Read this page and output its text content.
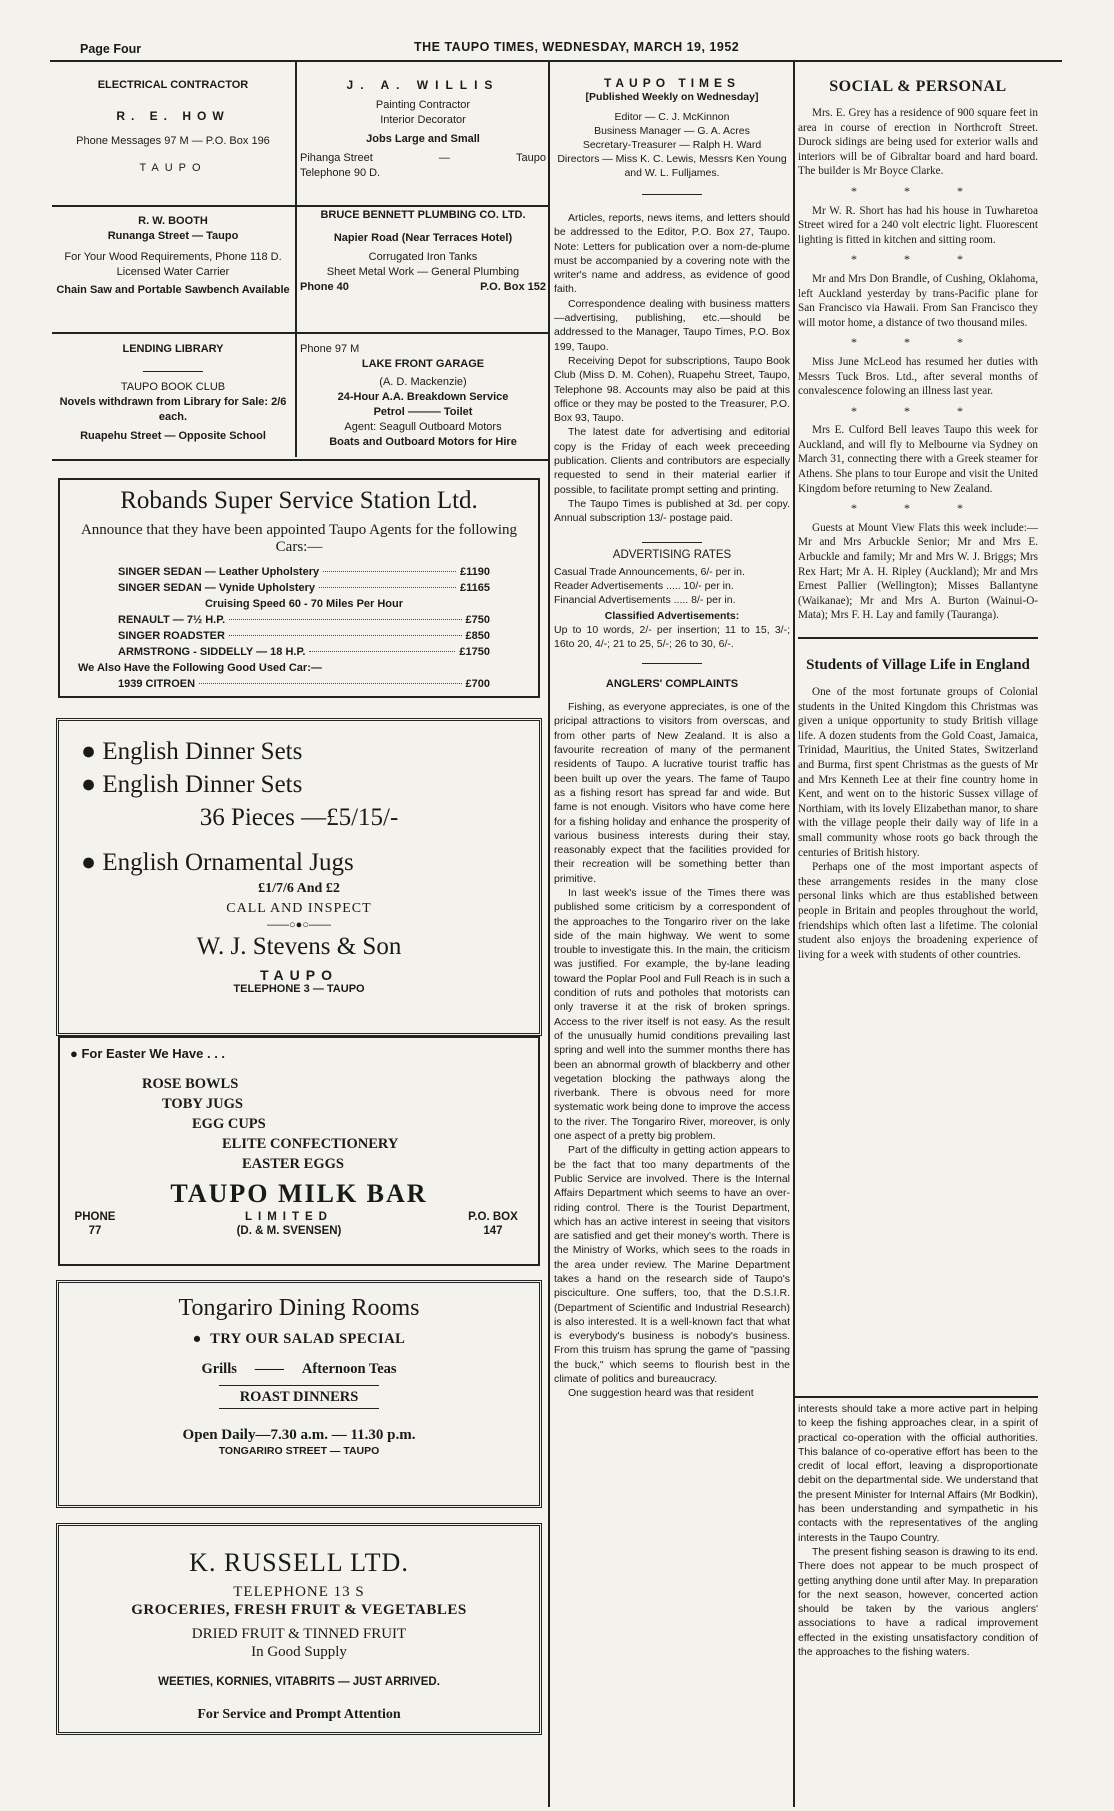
Page Four	THE TAUPO TIMES, WEDNESDAY, MARCH 19, 1952
ELECTRICAL CONTRACTOR
R. E. HOW
Phone Messages 97 M — P.O. Box 196
TAUPO
J. A. WILLIS
Painting Contractor
Interior Decorator
Jobs Large and Small
Pihanga Street	—	Taupo
Telephone 90 D.
R. W. BOOTH
Runanga Street — Taupo
For Your Wood Requirements, Phone 118 D. Licensed Water Carrier
Chain Saw and Portable Sawbench Available
BRUCE BENNETT PLUMBING CO. LTD.
Napier Road (Near Terraces Hotel)
Corrugated Iron Tanks
Sheet Metal Work — General Plumbing
Phone 40	P.O. Box 152
LENDING LIBRARY
TAUPO BOOK CLUB
Novels withdrawn from Library for Sale: 2/6 each.
Ruapehu Street — Opposite School
Phone 97 M
LAKE FRONT GARAGE
(A. D. Mackenzie)
24-Hour A.A. Breakdown Service
Petrol ——— Toilet
Agent: Seagull Outboard Motors
Boats and Outboard Motors for Hire
Robands Super Service Station Ltd.
Announce that they have been appointed Taupo Agents for the following Cars:—
SINGER SEDAN — Leather Upholstery	£1190
SINGER SEDAN — Vynide Upholstery	£1165
Cruising Speed 60 - 70 Miles Per Hour
RENAULT — 7½ H.P.	£750
SINGER ROADSTER	£850
ARMSTRONG - SIDDELLY — 18 H.P.	£1750
We Also Have the Following Good Used Car:—
1939 CITROEN	£700
● English Dinner Sets
● English Dinner Sets
36 Pieces —£5/15/-
● English Ornamental Jugs
£1/7/6 And £2
CALL AND INSPECT
——○●○——
W. J. Stevens & Son
TAUPO
TELEPHONE 3 — TAUPO
● For Easter We Have . . .
ROSE BOWLS
TOBY JUGS
EGG CUPS
ELITE CONFECTIONERY
EASTER EGGS
TAUPO MILK BAR
PHONE
77
LIMITED
(D. & M. SVENSEN)
P.O. BOX
147
Tongariro Dining Rooms
●   TRY OUR SALAD SPECIAL
Grills —— Afternoon Teas
ROAST DINNERS
Open Daily—7.30 a.m. — 11.30 p.m.
TONGARIRO STREET — TAUPO
K. RUSSELL LTD.
TELEPHONE 13 S
GROCERIES, FRESH FRUIT & VEGETABLES
DRIED FRUIT & TINNED FRUIT
In Good Supply
WEETIES, KORNIES, VITABRITS — JUST ARRIVED.
For Service and Prompt Attention
TAUPO TIMES
[Published Weekly on Wednesday]
Editor — C. J. McKinnon
Business Manager — G. A. Acres
Secretary-Treasurer — Ralph H. Ward
Directors — Miss K. C. Lewis, Messrs Ken Young and W. L. Fulljames.

Articles, reports, news items, and letters should be addressed to the Editor, P.O. Box 27, Taupo. Note: Letters for publication over a nom-de-plume must be accompanied by a covering note with the writer's name and address, as evidence of good faith.

Correspondence dealing with business matters—advertising, publishing, etc.—should be addressed to the Manager, Taupo Times, P.O. Box 199, Taupo.

Receiving Depot for subscriptions, Taupo Book Club (Miss D. M. Cohen), Ruapehu Street, Taupo, Telephone 98. Accounts may also be paid at this office or they may be posted to the Treasurer, P.O. Box 93, Taupo.

The latest date for advertising and editorial copy is the Friday of each week preceeding publication. Clients and contributors are especially requested to send in their material earlier if possible, to facilitate prompt setting and printing.

The Taupo Times is published at 3d. per copy. Annual subscription 13/- postage paid.

ADVERTISING RATES
Casual Trade Announcements, 6/- per in.
Reader Advertisements ..... 10/- per in.
Financial Advertisements ..... 8/- per in.
Classified Advertisements:
Up to 10 words, 2/- per insertion; 11 to 15, 3/-; 16to 20, 4/-; 21 to 25, 5/-; 26 to 30, 6/-.
ANGLERS' COMPLAINTS

Fishing, as everyone appreciates, is one of the pricipal attractions to visitors from overscas, and from other parts of New Zealand. It is also a favourite recreation of many of the permanent residents of Taupo. A lucrative tourist traffic has been built up over the years. The fame of Taupo as a fishing resort has spread far and wide. But fame is not enough. Visitors who have come here for a fishing holiday and enhance the prosperity of various business interests during their stay, reasonably expect that the facilities provided for their recreation will be something better than primitive.

In last week's issue of the Times there was published some criticism by a correspondent of the approaches to the Tongariro river on the lake side of the main highway. We went to some trouble to investigate this. In the main, the criticism was justified. For example, the by-lane leading toward the Poplar Pool and Full Reach is in such a condition of ruts and potholes that motorists can only traverse it at the risk of broken springs. Access to the river itself is not easy. As the result of the unusually humid conditions prevailing last spring and well into the summer months there has been an abnormal growth of blackberry and other vegetation blocking the pathways along the riverbank. There is obvous need for more systematic work being done to improve the access to the river. The Tongariro River, moreover, is only one aspect of a pretty big problem.

Part of the difficulty in getting action appears to be the fact that too many departments of the Public Service are involved. There is the Internal Affairs Department which seems to have an over-riding control. There is the Tourist Department, which has an active interest in seeing that visitors are satisfied and get their money's worth. There is the Ministry of Works, which sees to the roads in the area under review. The Marine Department takes a hand on the research side of Taupo's pisciculture. One suffers, too, that the D.S.I.R. (Department of Scientific and Industrial Research) is also interested. It is a well-known fact that what is everybody's business is nobody's business. From this truism has sprung the game of "passing the buck," which seems to flourish best in the climate of politics and bureaucracy.

One suggestion heard was that resident

SOCIAL & PERSONAL

Mrs. E. Grey has a residence of 900 square feet in area in course of erection in Northcroft Street. Durock sidings are being used for exterior walls and interiors will be of Gibraltar board and hard board. The builder is Mr Boyce Clarke.

* * *

Mr W. R. Short has had his house in Tuwharetoa Street wired for a 240 volt electric light. Fluorescent lighting is fitted in kitchen and sitting room.

* * *

Mr and Mrs Don Brandle, of Cushing, Oklahoma, left Auckland yesterday by trans-Pacific plane for San Francisco via Hawaii. From San Francisco they will motor home, a distance of two thousand miles.

* * *

Miss June McLeod has resumed her duties with Messrs Tuck Bros. Ltd., after several months of convalescence folowing an illness last year.

* * *

Mrs E. Culford Bell leaves Taupo this week for Auckland, and will fly to Melbourne via Sydney on March 31, connecting there with a Greek steamer for Athens. She plans to tour Europe and visit the United Kingdom before returning to New Zealand.

* * *

Guests at Mount View Flats this week include:—Mr and Mrs Arbuckle Senior; Mr and Mrs E. Arbuckle and family; Mr and Mrs W. J. Briggs; Mrs Rex Hart; Mr A. H. Ripley (Auckland); Mr and Mrs Ernest Pallier (Wellington); Misses Ballantyne (Waikanae); Mr and Mrs A. Burton (Wainui-O-Mata); Mrs F. H. Lay and family (Tauranga).

Students of Village Life in England

One of the most fortunate groups of Colonial students in the United Kingdom this Christmas was given a unique opportunity to study British village life. A dozen students from the Gold Coast, Jamaica, Trinidad, Mauritius, the United States, Switzerland and Burma, first spent Christmas as the guests of Mr and Mrs Kenneth Lee at their fine country home in Kent, and went on to the historic Sussex village of Northiam, with its lovely Elizabethan manor, to share with the village people their daily way of life in a small community whose roots go back through the centuries of British history.

Perhaps one of the most important aspects of these arrangements resides in the many close personal links which are thus established between people in Britain and peoples throughout the world, friendships which often last a lifetime. The colonial student also enjoys the broadening experience of living for a week with students of other countries.

interests should take a more active part in helping to keep the fishing approaches clear, in a spirit of practical co-operation with the official authorities. This balance of co-operative effort has been to the credit of local effort, leaving a disproportionate debit on the departmental side. We understand that the present Minister for Internal Affairs (Mr Bodkin), has been understanding and sympathetic in his contacts with the representatives of the angling interests in the Taupo Country.

The present fishing season is drawing to its end. There does not appear to be much prospect of getting anything done until after May. In preparation for the next season, however, concerted action should be taken by the various anglers' associations to have a radical improvement effected in the existing unsatisfactory condition of the approaches to the fishing waters.
